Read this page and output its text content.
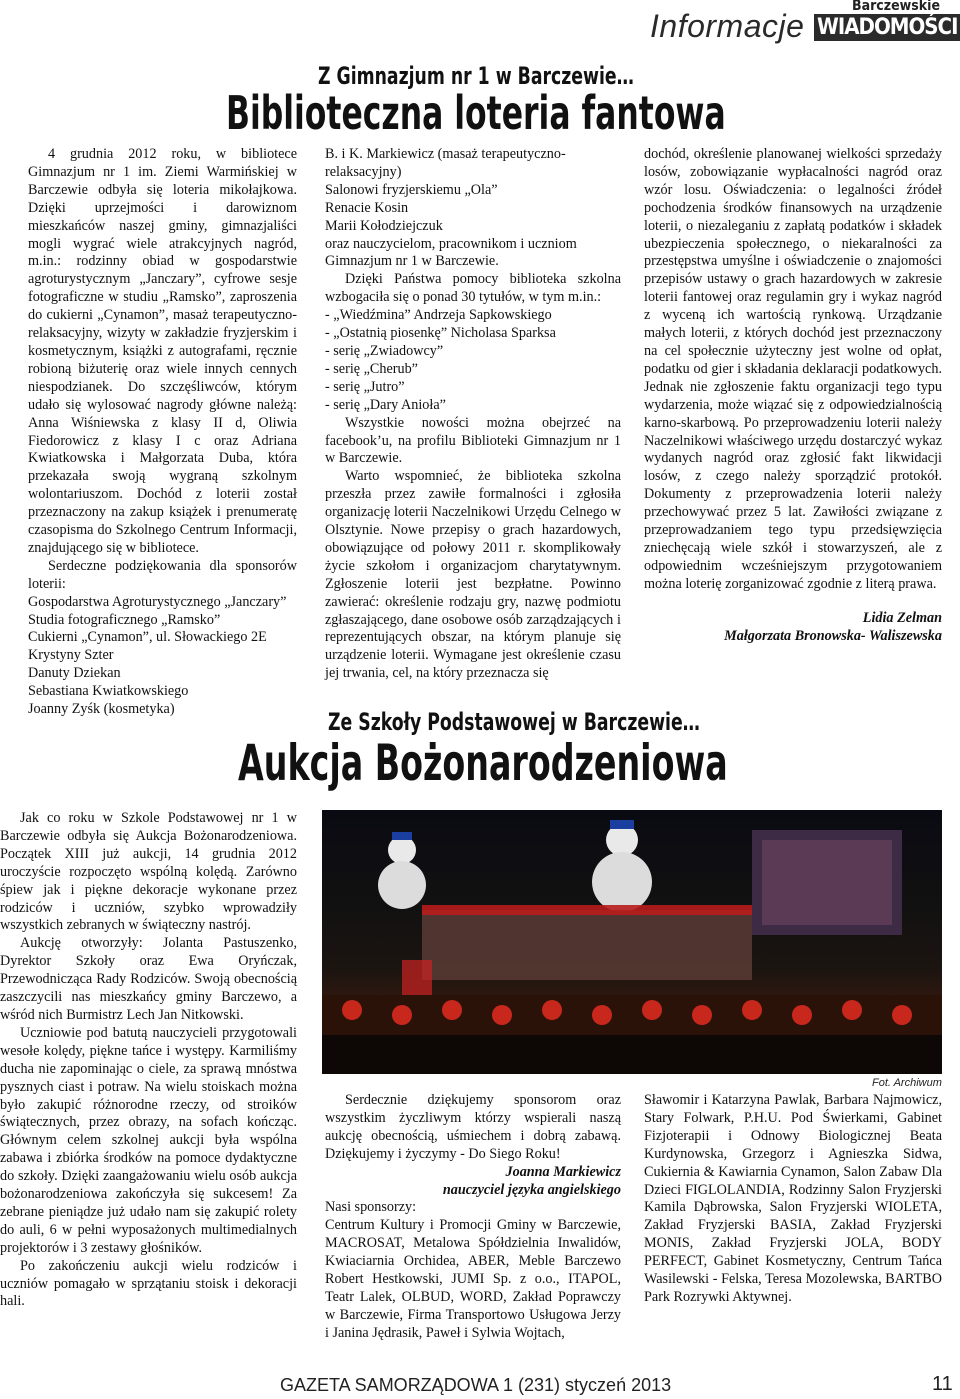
Informacje
Barczewskie
WIADOMOŚCI
Z Gimnazjum nr 1 w Barczewie…
Biblioteczna loteria fantowa

4 grudnia 2012 roku, w bibliotece Gimnazjum nr 1 im. Ziemi Warmińskiej w Barczewie odbyła się loteria mikołajkowa. Dzięki uprzejmości i darowiznom mieszkańców naszej gminy, gimnazjaliści mogli wygrać wiele atrakcyjnych nagród, m.in.: rodzinny obiad w gospodarstwie agroturystycznym „Janczary”, cyfrowe sesje fotograficzne w studiu „Ramsko”, zaproszenia do cukierni „Cynamon”, masaż terapeutyczno-relaksacyjny, wizyty w zakładzie fryzjerskim i kosmetycznym, książki z autografami, ręcznie robioną biżuterię oraz wiele innych cennych niespodzianek. Do szczęśliwców, którym udało się wylosować nagrody główne należą: Anna Wiśniewska z klasy II d, Oliwia Fiedorowicz z klasy I c oraz Adriana Kwiatkowska i Małgorzata Duba, która przekazała swoją wygraną szkolnym wolontariuszom. Dochód z loterii został przeznaczony na zakup książek i prenumeratę czasopisma do Szkolnego Centrum Informacji, znajdującego się w bibliotece.

Serdeczne podziękowania dla sponsorów loterii:

Gospodarstwa Agroturystycznego „Janczary”

Studia fotograficznego „Ramsko”

Cukierni „Cynamon”, ul. Słowackiego 2E

Krystyny Szter

Danuty Dziekan

Sebastiana Kwiatkowskiego

Joanny Zyśk (kosmetyka)

B. i K. Markiewicz (masaż terapeutyczno-relaksacyjny)

Salonowi fryzjerskiemu „Ola”

Renacie Kosin

Marii Kołodziejczuk

oraz nauczycielom, pracownikom i uczniom Gimnazjum nr 1 w Barczewie.

Dzięki Państwa pomocy biblioteka szkolna wzbogaciła się o ponad 30 tytułów, w tym m.in.:

- „Wiedźmina” Andrzeja Sapkowskiego

- „Ostatnią piosenkę” Nicholasa Sparksa

- serię „Zwiadowcy”

- serię „Cherub”

- serię „Jutro”

- serię „Dary Anioła”

Wszystkie nowości można obejrzeć na facebook’u, na profilu Biblioteki Gimnazjum nr 1 w Barczewie.

Warto wspomnieć, że biblioteka szkolna przeszła przez zawiłe formalności i zgłosiła organizację loterii Naczelnikowi Urzędu Celnego w Olsztynie. Nowe przepisy o grach hazardowych, obowiązujące od połowy 2011 r. skomplikowały życie szkołom i organizacjom charytatywnym. Zgłoszenie loterii jest bezpłatne. Powinno zawierać: określenie rodzaju gry, nazwę podmiotu zgłaszającego, dane osobowe osób zarządzających i reprezentujących obszar, na którym planuje się urządzenie loterii. Wymagane jest określenie czasu jej trwania, cel, na który przeznacza się

dochód, określenie planowanej wielkości sprzedaży losów, zobowiązanie wypłacalności nagród oraz wzór losu. Oświadczenia: o legalności źródeł pochodzenia środków finansowych na urządzenie loterii, o niezaleganiu z zapłatą podatków i składek ubezpieczenia społecznego, o niekaralności za przestępstwa umyślne i oświadczenie o znajomości przepisów ustawy o grach hazardowych w zakresie loterii fantowej oraz regulamin gry i wykaz nagród z wyceną ich wartością rynkową. Urządzanie małych loterii, z których dochód jest przeznaczony na cel społecznie użyteczny jest wolne od opłat, podatku od gier i składania deklaracji podatkowych. Jednak nie zgłoszenie faktu organizacji tego typu wydarzenia, może wiązać się z odpowiedzialnością karno-skarbową. Po przeprowadzeniu loterii należy Naczelnikowi właściwego urzędu dostarczyć wykaz wydanych nagród oraz zgłosić fakt likwidacji losów, z czego należy sporządzić protokół. Dokumenty z przeprowadzenia loterii należy przechowywać przez 5 lat. Zawiłości związane z przeprowadzaniem tego typu przedsięwzięcia zniechęcają wiele szkół i stowarzyszeń, ale z odpowiednim wcześniejszym przygotowaniem można loterię zorganizować zgodnie z literą prawa.

Lidia Zelman

Małgorzata Bronowska- Waliszewska

Ze Szkoły Podstawowej w Barczewie…
Aukcja Bożonarodzeniowa

Jak co roku w Szkole Podstawowej nr 1 w Barczewie odbyła się Aukcja Bożonarodzeniowa. Początek XIII już aukcji, 14 grudnia 2012 uroczyście rozpoczęto wspólną kolędą. Zarówno śpiew jak i piękne dekoracje wykonane przez rodziców i uczniów, szybko wprowadziły wszystkich zebranych w świąteczny nastrój.

Aukcję otworzyły: Jolanta Pastuszenko, Dyrektor Szkoły oraz Ewa Oryńczak, Przewodnicząca Rady Rodziców. Swoją obecnością zaszczycili nas mieszkańcy gminy Barczewo, a wśród nich Burmistrz Lech Jan Nitkowski.

Uczniowie pod batutą nauczycieli przygotowali wesołe kolędy, piękne tańce i występy. Karmiliśmy ducha nie zapominając o ciele, za sprawą mnóstwa pysznych ciast i potraw. Na wielu stoiskach można było zakupić różnorodne rzeczy, od stroików świątecznych, przez obrazy, na sofach kończąc. Głównym celem szkolnej aukcji była wspólna zabawa i zbiórka środków na pomoce dydaktyczne do szkoły. Dzięki zaangażowaniu wielu osób aukcja bożonarodzeniowa zakończyła się sukcesem! Za zebrane pieniądze już udało nam się zakupić rolety do auli, 6 w pełni wyposażonych multimedialnych projektorów i 3 zestawy głośników.

Po zakończeniu aukcji wielu rodziców i uczniów pomagało w sprzątaniu stoisk i dekoracji hali.

Fot. Archiwum

Serdecznie dziękujemy sponsorom oraz wszystkim życzliwym którzy wspierali naszą aukcję obecnością, uśmiechem i dobrą zabawą. Dziękujemy i życzymy - Do Siego Roku!

Joanna Markiewicz

nauczyciel języka angielskiego

Nasi sponsorzy:

Centrum Kultury i Promocji Gminy w Barczewie, MACROSAT, Metalowa Spółdzielnia Inwalidów, Kwiaciarnia Orchidea, ABER, Meble Barczewo Robert Hestkowski, JUMI Sp. z o.o., ITAPOL, Teatr Lalek, OLBUD, WORD, Zakład Poprawczy w Barczewie, Firma Transportowo Usługowa Jerzy i Janina Jędrasik, Paweł i Sylwia Wojtach,

Sławomir i Katarzyna Pawlak, Barbara Najmowicz, Stary Folwark, P.H.U. Pod Świerkami, Gabinet Fizjoterapii i Odnowy Biologicznej Beata Kurdynowska, Grzegorz i Agnieszka Sidwa, Cukiernia & Kawiarnia Cynamon, Salon Zabaw Dla Dzieci FIGLOLANDIA, Rodzinny Salon Fryzjerski Kamila Dąbrowska, Salon Fryzjerski WIOLETA, Zakład Fryzjerski BASIA, Zakład Fryzjerski MONIS, Zakład Fryzjerski JOLA, BODY PERFECT, Gabinet Kosmetyczny, Centrum Tańca Wasilewski - Felska, Teresa Mozolewska, BARTBO Park Rozrywki Aktywnej.

GAZETA SAMORZĄDOWA 1 (231) styczeń 2013	11
